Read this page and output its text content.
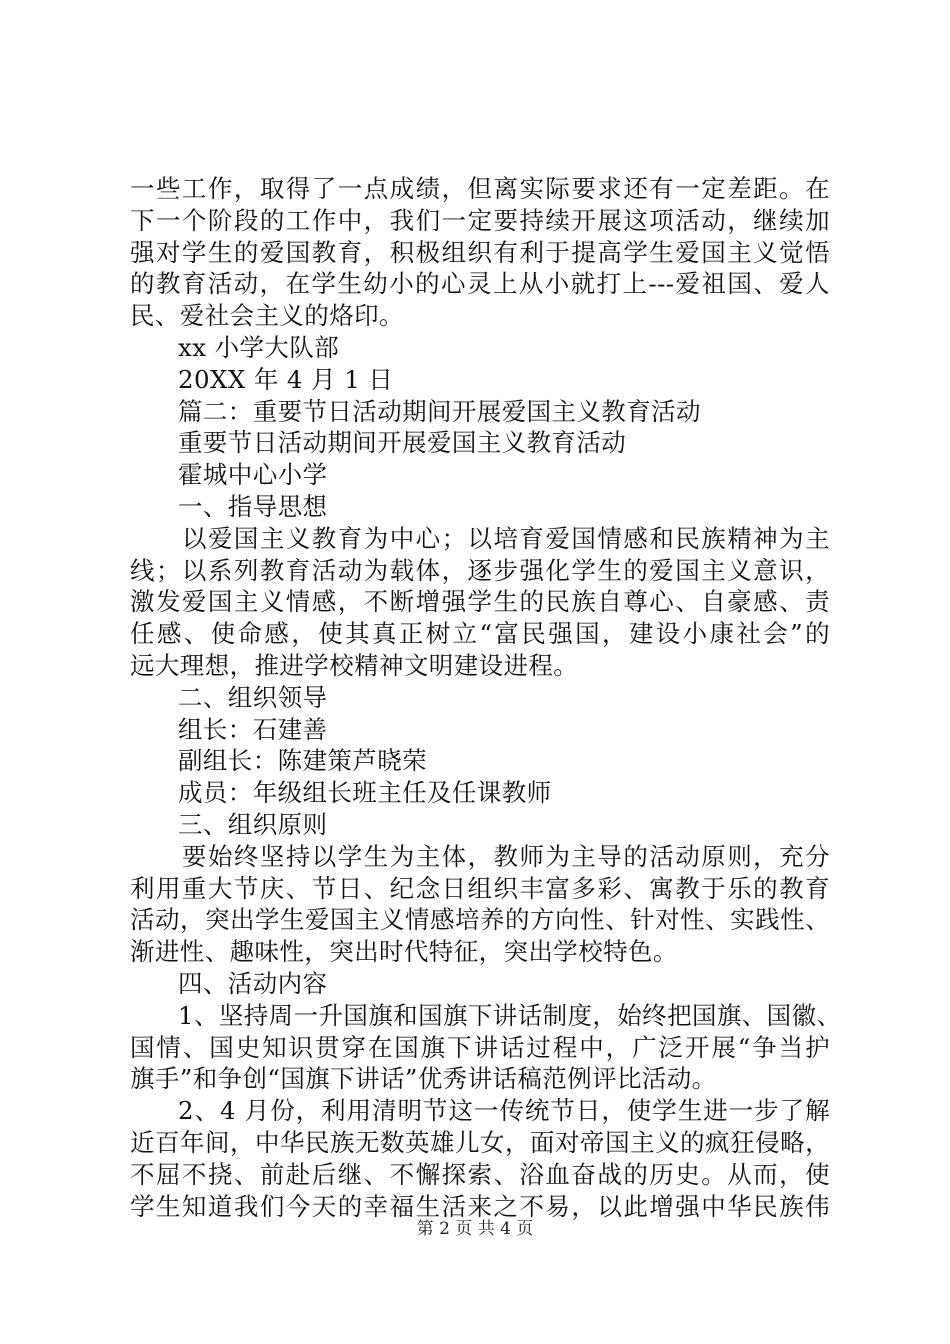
一些工作，取得了一点成绩，但离实际要求还有一定差距。在
下一个阶段的工作中，我们一定要持续开展这项活动，继续加
强对学生的爱国教育，积极组织有利于提高学生爱国主义觉悟
的教育活动，在学生幼小的心灵上从小就打上---爱祖国、爱人
民、爱社会主义的烙印。
xx 小学大队部
20XX 年 4 月 1 日
篇二：重要节日活动期间开展爱国主义教育活动
重要节日活动期间开展爱国主义教育活动
霍城中心小学
一、指导思想
以爱国主义教育为中心；以培育爱国情感和民族精神为主
线；以系列教育活动为载体，逐步强化学生的爱国主义意识，
激发爱国主义情感，不断增强学生的民族自尊心、自豪感、责
任感、使命感，使其真正树立“富民强国，建设小康社会”的
远大理想，推进学校精神文明建设进程。
二、组织领导
组长：石建善
副组长：陈建策芦晓荣
成员：年级组长班主任及任课教师
三、组织原则
要始终坚持以学生为主体，教师为主导的活动原则，充分
利用重大节庆、节日、纪念日组织丰富多彩、寓教于乐的教育
活动，突出学生爱国主义情感培养的方向性、针对性、实践性、
渐进性、趣味性，突出时代特征，突出学校特色。
四、活动内容
1、坚持周一升国旗和国旗下讲话制度，始终把国旗、国徽、
国情、国史知识贯穿在国旗下讲话过程中，广泛开展“争当护
旗手”和争创“国旗下讲话”优秀讲话稿范例评比活动。
2、4 月份，利用清明节这一传统节日，使学生进一步了解
近百年间，中华民族无数英雄儿女，面对帝国主义的疯狂侵略，
不屈不挠、前赴后继、不懈探索、浴血奋战的历史。从而，使
学生知道我们今天的幸福生活来之不易，以此增强中华民族伟
第 2 页 共 4 页
